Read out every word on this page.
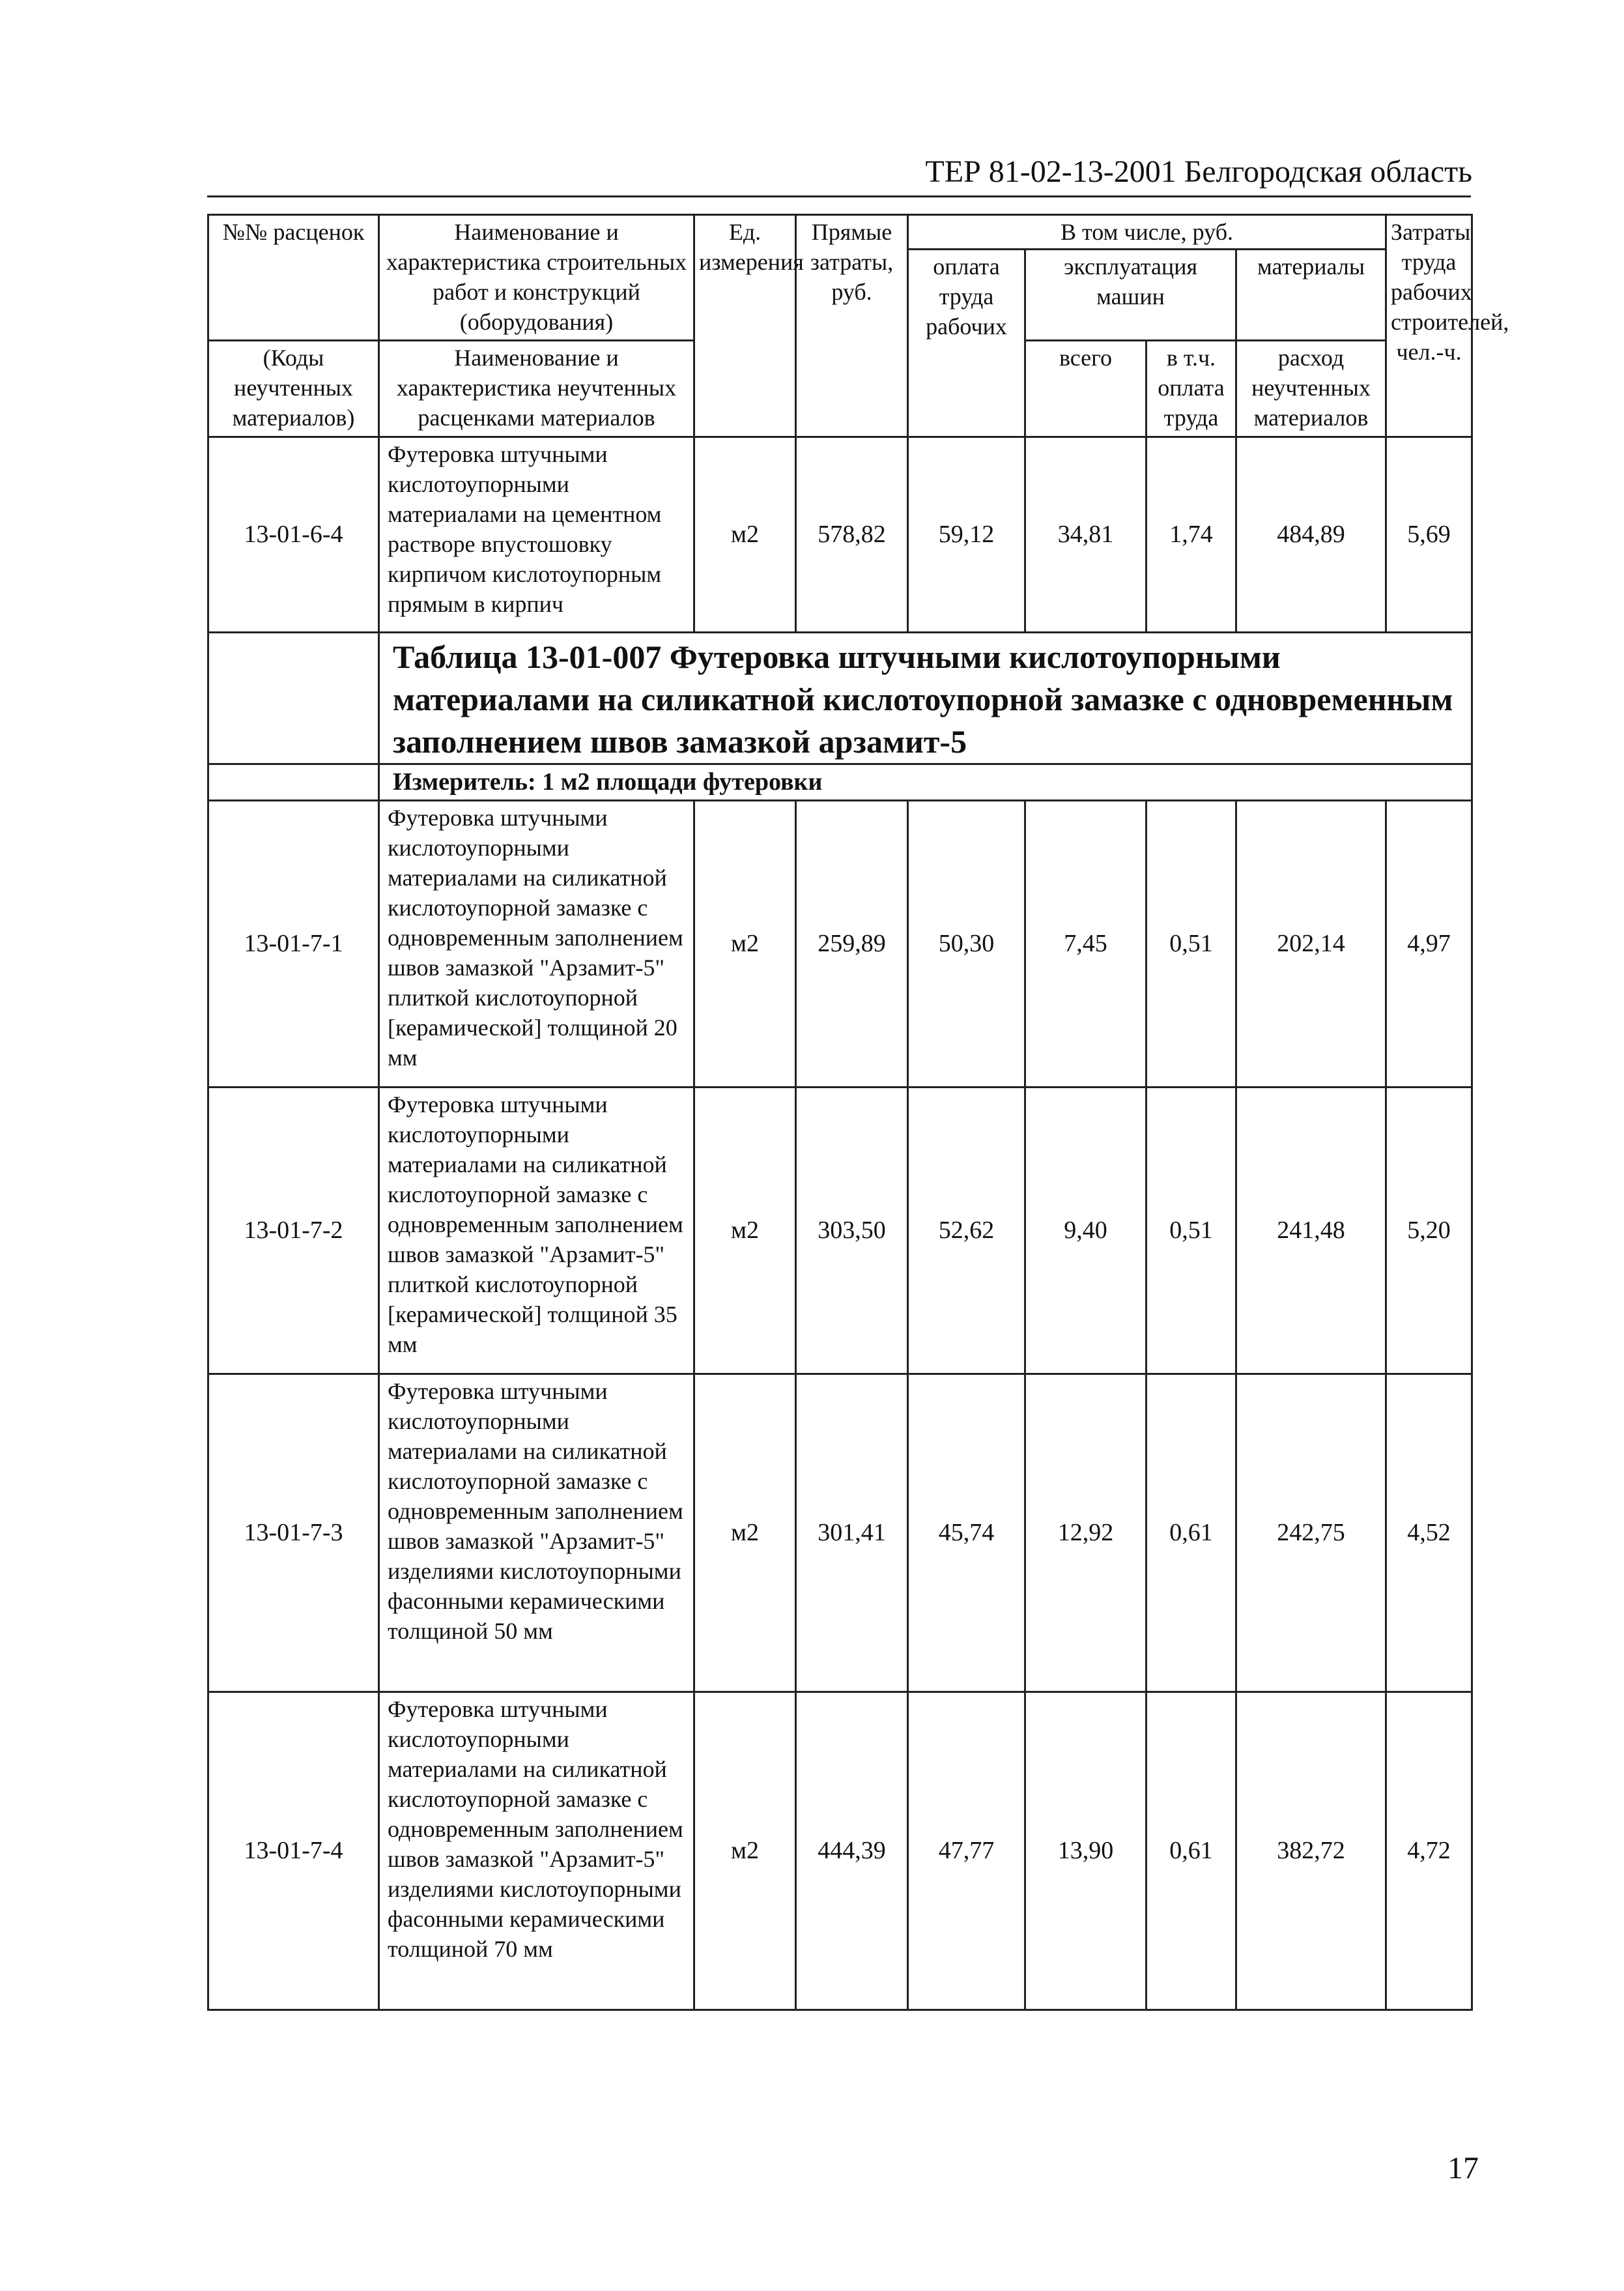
ТЕР 81-02-13-2001 Белгородская область
№№ расценок	Наименование и характеристика строительных работ и конструкций (оборудования)	Ед. измерения	Прямые затраты, руб.	В том числе, руб.				Затраты труда рабочих строителей, чел.-ч.
				оплата труда рабочих	эксплуатация машин		материалы	
(Коды неучтенных материалов)	Наименование и характеристика неучтенных расценками материалов				всего	в т.ч. оплата труда	расход неучтенных материалов	
13-01-6-4	Футеровка штучными кислотоупорными материалами на цементном растворе впустошовку кирпичом кислотоупорным прямым в кирпич	м2	578,82	59,12	34,81	1,74	484,89	5,69
	Таблица 13-01-007 Футеровка штучными кислотоупорными материалами на силикатной кислотоупорной замазке с одновременным заполнением швов замазкой арзамит-5							
	Измеритель: 1 м2 площади футеровки							
13-01-7-1	Футеровка штучными кислотоупорными материалами на силикатной кислотоупорной замазке с одновременным заполнением швов замазкой "Арзамит-5" плиткой кислотоупорной [керамической] толщиной 20 мм	м2	259,89	50,30	7,45	0,51	202,14	4,97
13-01-7-2	Футеровка штучными кислотоупорными материалами на силикатной кислотоупорной замазке с одновременным заполнением швов замазкой "Арзамит-5" плиткой кислотоупорной [керамической] толщиной 35 мм	м2	303,50	52,62	9,40	0,51	241,48	5,20
13-01-7-3	Футеровка штучными кислотоупорными материалами на силикатной кислотоупорной замазке с одновременным заполнением швов замазкой "Арзамит-5" изделиями кислотоупорными фасонными керамическими толщиной 50 мм	м2	301,41	45,74	12,92	0,61	242,75	4,52
13-01-7-4	Футеровка штучными кислотоупорными материалами на силикатной кислотоупорной замазке с одновременным заполнением швов замазкой "Арзамит-5" изделиями кислотоупорными фасонными керамическими толщиной 70 мм	м2	444,39	47,77	13,90	0,61	382,72	4,72
17
